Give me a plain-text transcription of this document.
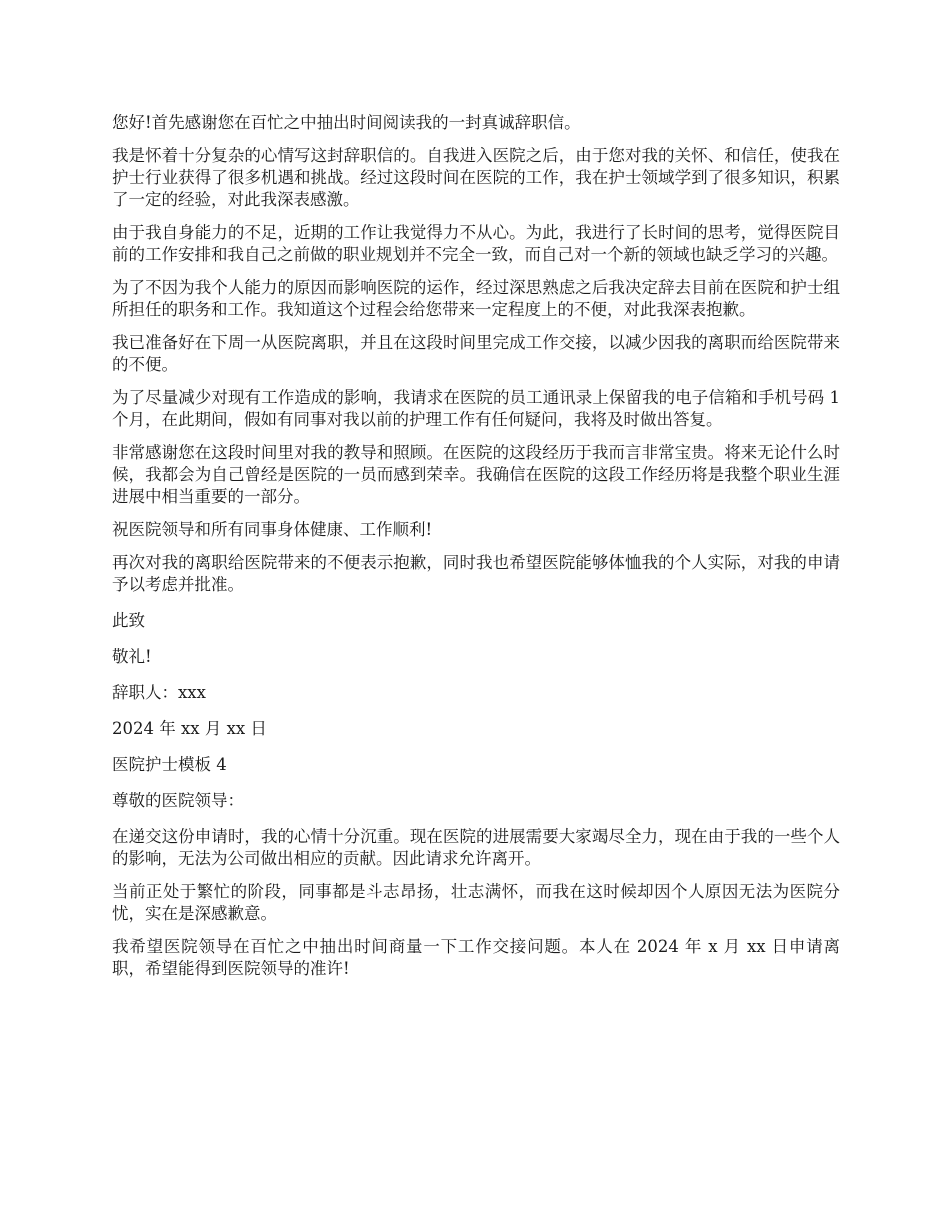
您好!首先感谢您在百忙之中抽出时间阅读我的一封真诚辞职信。

我是怀着十分复杂的心情写这封辞职信的。自我进入医院之后，由于您对我的关怀、和信任，使我在护士行业获得了很多机遇和挑战。经过这段时间在医院的工作，我在护士领域学到了很多知识，积累了一定的经验，对此我深表感激。

由于我自身能力的不足，近期的工作让我觉得力不从心。为此，我进行了长时间的思考，觉得医院目前的工作安排和我自己之前做的职业规划并不完全一致，而自己对一个新的领域也缺乏学习的兴趣。

为了不因为我个人能力的原因而影响医院的运作，经过深思熟虑之后我决定辞去目前在医院和护士组所担任的职务和工作。我知道这个过程会给您带来一定程度上的不便，对此我深表抱歉。

我已准备好在下周一从医院离职，并且在这段时间里完成工作交接，以减少因我的离职而给医院带来的不便。

为了尽量减少对现有工作造成的影响，我请求在医院的员工通讯录上保留我的电子信箱和手机号码 1 个月，在此期间，假如有同事对我以前的护理工作有任何疑问，我将及时做出答复。

非常感谢您在这段时间里对我的教导和照顾。在医院的这段经历于我而言非常宝贵。将来无论什么时候，我都会为自己曾经是医院的一员而感到荣幸。我确信在医院的这段工作经历将是我整个职业生涯进展中相当重要的一部分。

祝医院领导和所有同事身体健康、工作顺利!

再次对我的离职给医院带来的不便表示抱歉，同时我也希望医院能够体恤我的个人实际，对我的申请予以考虑并批准。

此致

敬礼!

辞职人：xxx

2024 年 xx 月 xx 日

医院护士模板 4

尊敬的医院领导：

在递交这份申请时，我的心情十分沉重。现在医院的进展需要大家竭尽全力，现在由于我的一些个人的影响，无法为公司做出相应的贡献。因此请求允许离开。

当前正处于繁忙的阶段，同事都是斗志昂扬，壮志满怀，而我在这时候却因个人原因无法为医院分忧，实在是深感歉意。

我希望医院领导在百忙之中抽出时间商量一下工作交接问题。本人在 2024 年 x 月 xx 日申请离职，希望能得到医院领导的准许!
